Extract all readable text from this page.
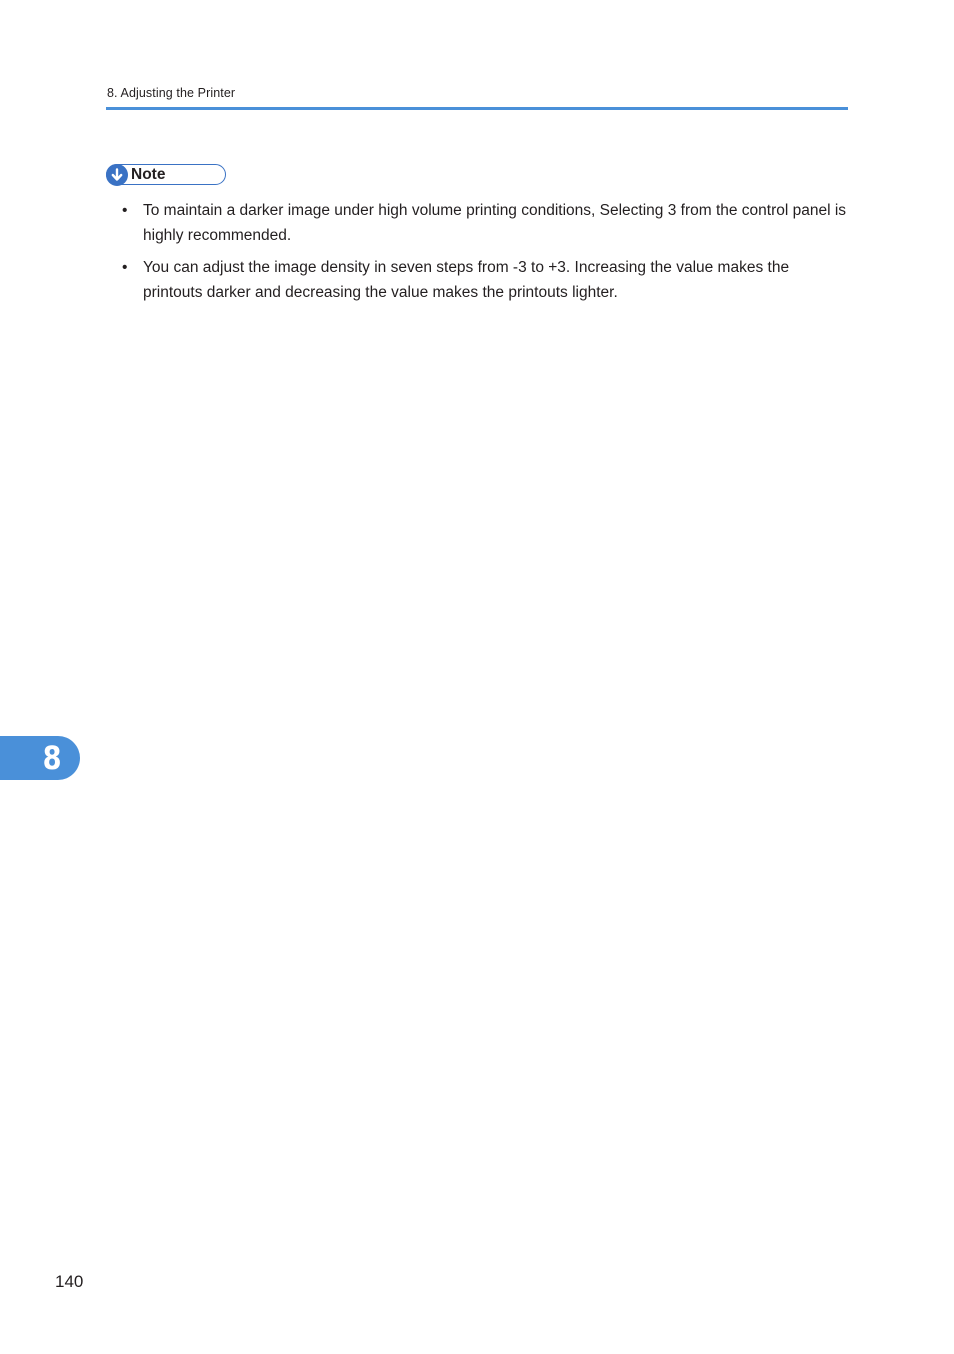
8. Adjusting the Printer
Note
• To maintain a darker image under high volume printing conditions, Selecting 3 from the control panel is highly recommended.
• You can adjust the image density in seven steps from -3 to +3. Increasing the value makes the printouts darker and decreasing the value makes the printouts lighter.
8
140
